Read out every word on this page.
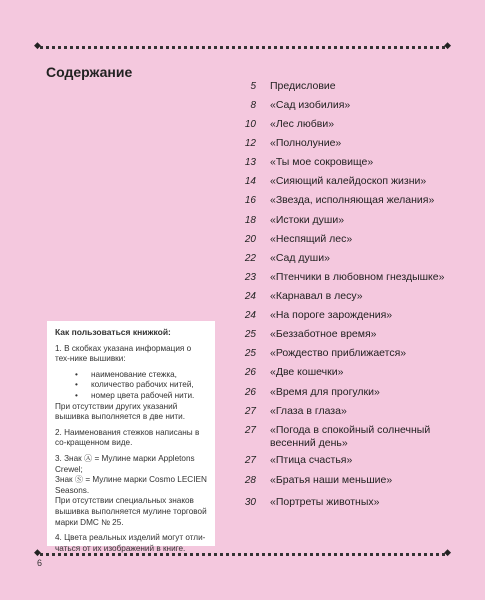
◆ ◆
Содержание
5 Предисловие
8 «Сад изобилия»
10 «Лес любви»
12 «Полнолуние»
13 «Ты мое сокровище»
14 «Сияющий калейдоскоп жизни»
16 «Звезда, исполняющая желания»
18 «Истоки души»
20 «Неспящий лес»
22 «Сад души»
23 «Птенчики в любовном гнездышке»
24 «Карнавал в лесу»
24 «На пороге зарождения»
25 «Беззаботное время»
25 «Рождество приближается»
26 «Две кошечки»
26 «Время для прогулки»
27 «Глаза в глаза»
27 «Погода в спокойный солнечный весенний день»
27 «Птица счастья»
28 «Братья наши меньшие»
30 «Портреты животных»
Как пользоваться книжкой:

1. В скобках указана информация о тех-нике вышивки:

• наименование стежка,
• количество рабочих нитей,
• номер цвета рабочей нити.

При отсутствии других указаний вышивка выполняется в две нити.

2. Наименования стежков написаны в со-кращенном виде.

3. Знак Ⓐ = Мулине марки Appletons Crewel;
Знак Ⓢ = Мулине марки Cosmo LECIEN Seasons.

При отсутствии специальных знаков вышивка выполняется мулине торговой марки DMC № 25.

4. Цвета реальных изделий могут отли-чаться от их изображений в книге.

◆ ◆
6
